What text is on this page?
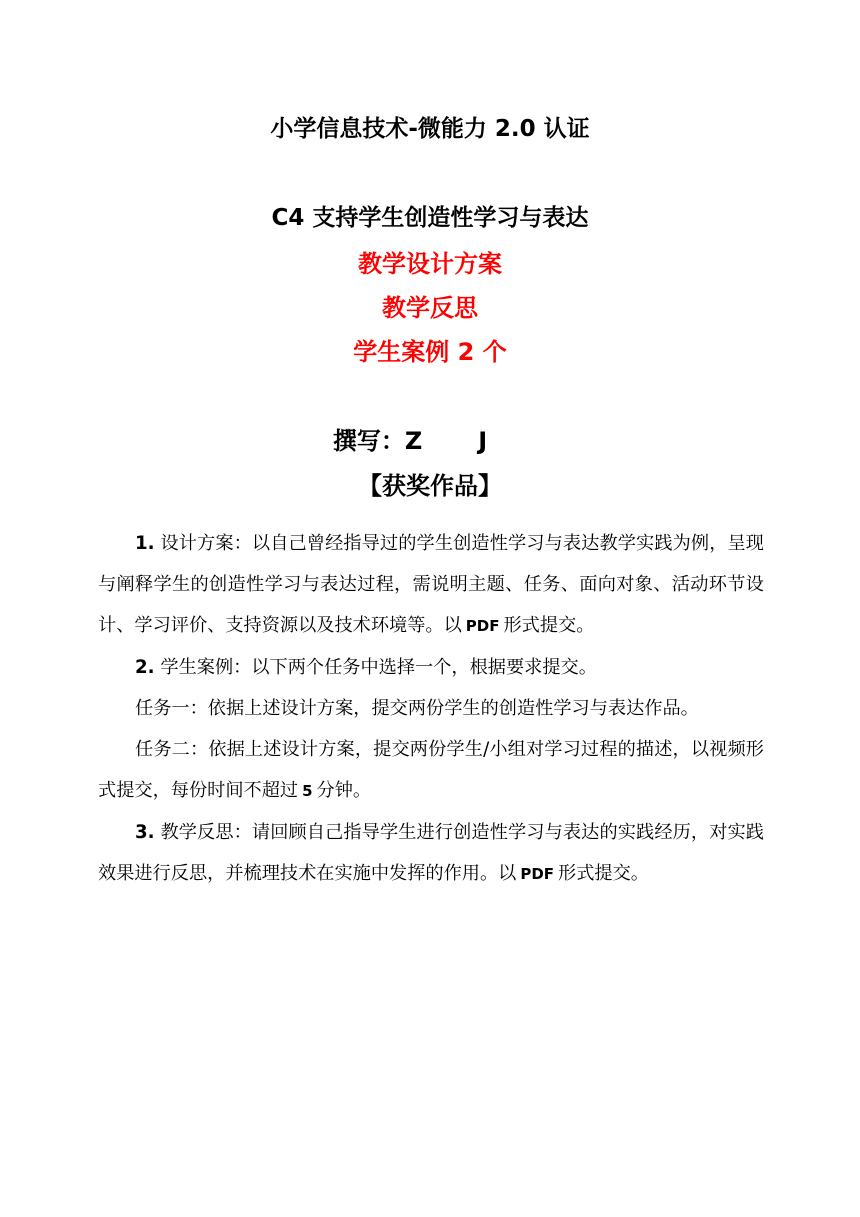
小学信息技术-微能力 2.0 认证
C4 支持学生创造性学习与表达
教学设计方案
教学反思
学生案例 2 个
撰写：Z J
【获奖作品】

1. 设计方案：以自己曾经指导过的学生创造性学习与表达教学实践为例，呈现与阐释学生的创造性学习与表达过程，需说明主题、任务、面向对象、活动环节设计、学习评价、支持资源以及技术环境等。以 PDF 形式提交。

2. 学生案例：以下两个任务中选择一个，根据要求提交。

任务一：依据上述设计方案，提交两份学生的创造性学习与表达作品。

任务二：依据上述设计方案，提交两份学生/小组对学习过程的描述，以视频形式提交，每份时间不超过 5 分钟。

3. 教学反思：请回顾自己指导学生进行创造性学习与表达的实践经历，对实践效果进行反思，并梳理技术在实施中发挥的作用。以 PDF 形式提交。
